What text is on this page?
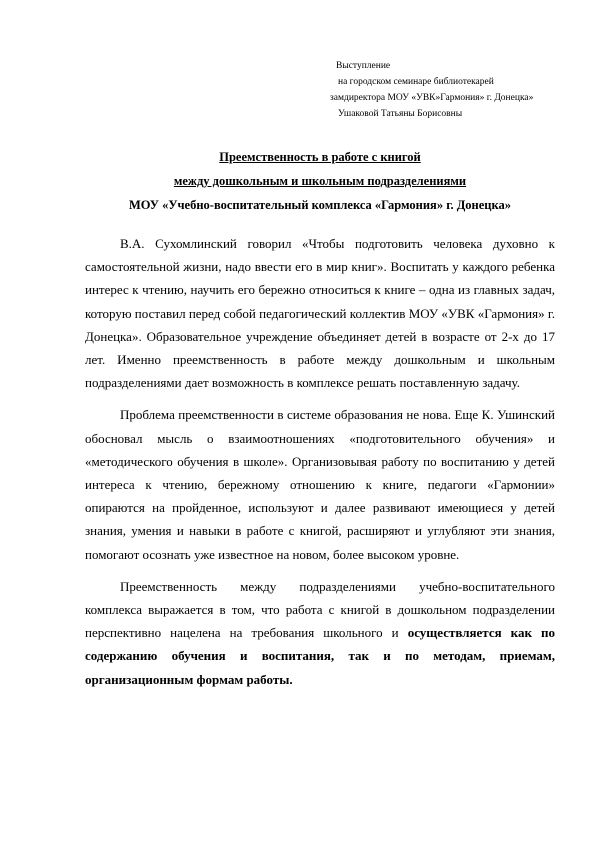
Выступление
на городском семинаре библиотекарей
замдиректора МОУ «УВК»Гармония» г. Донецка»
Ушаковой Татьяны Борисовны
Преемственность в работе с книгой
между дошкольным и школьным подразделениями
МОУ «Учебно-воспитательный комплекса «Гармония» г. Донецка»

В.А. Сухомлинский говорил «Чтобы подготовить человека духовно к самостоятельной жизни, надо ввести его в мир книг». Воспитать у каждого ребенка интерес к чтению, научить его бережно относиться к книге – одна из главных задач, которую поставил перед собой педагогический коллектив МОУ «УВК «Гармония» г. Донецка». Образовательное учреждение объединяет детей в возрасте от 2-х до 17 лет. Именно преемственность в работе между дошкольным и школьным подразделениями дает возможность в комплексе решать поставленную задачу.

Проблема преемственности в системе образования не нова. Еще К. Ушинский обосновал мысль о взаимоотношениях «подготовительного обучения» и «методического обучения в школе». Организовывая работу по воспитанию у детей интереса к чтению, бережному отношению к книге, педагоги «Гармонии» опираются на пройденное, используют и далее развивают имеющиеся у детей знания, умения и навыки в работе с книгой, расширяют и углубляют эти знания, помогают осознать уже известное на новом, более высоком уровне.

Преемственность между подразделениями учебно-воспитательного комплекса выражается в том, что работа с книгой в дошкольном подразделении перспективно нацелена на требования школьного и осуществляется как по содержанию обучения и воспитания, так и по методам, приемам, организационным формам работы.
